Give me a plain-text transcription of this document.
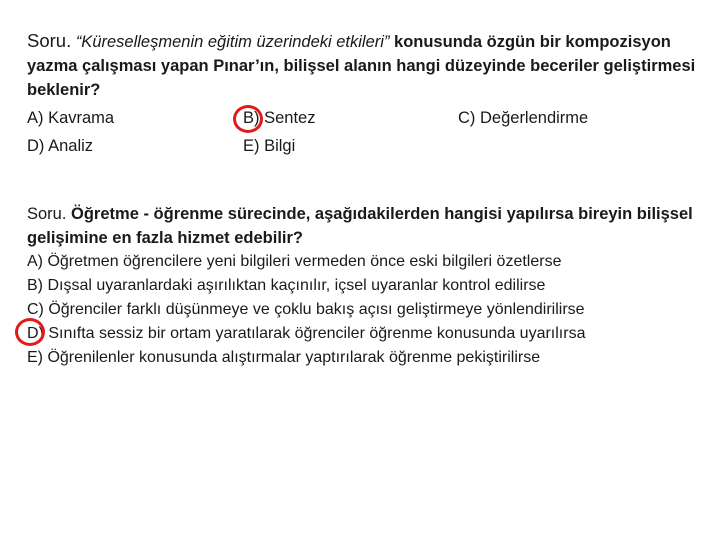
Soru. “Küreselleşmenin eğitim üzerindeki etkileri” konusunda özgün bir kompozisyon yazma çalışması yapan Pınar’ın, bilişsel alanın hangi düzeyinde beceriler geliştirmesi beklenir?

A) Kavrama	B) Sentez	C) Değerlendirme
D) Analiz	E) Bilgi

Soru. Öğretme - öğrenme sürecinde, aşağıdakilerden hangisi yapılırsa bireyin bilişsel gelişimine en fazla hizmet edebilir?

A) Öğretmen öğrencilere yeni bilgileri vermeden önce eski bilgileri özetlerse
B) Dışsal uyaranlardaki aşırılıktan kaçınılır, içsel uyaranlar kontrol edilirse
C) Öğrenciler farklı düşünmeye ve çoklu bakış açısı geliştirmeye yönlendirilirse
D) Sınıfta sessiz bir ortam yaratılarak öğrenciler öğrenme konusunda uyarılırsa
E) Öğrenilenler konusunda alıştırmalar yaptırılarak öğrenme pekiştirilirse
